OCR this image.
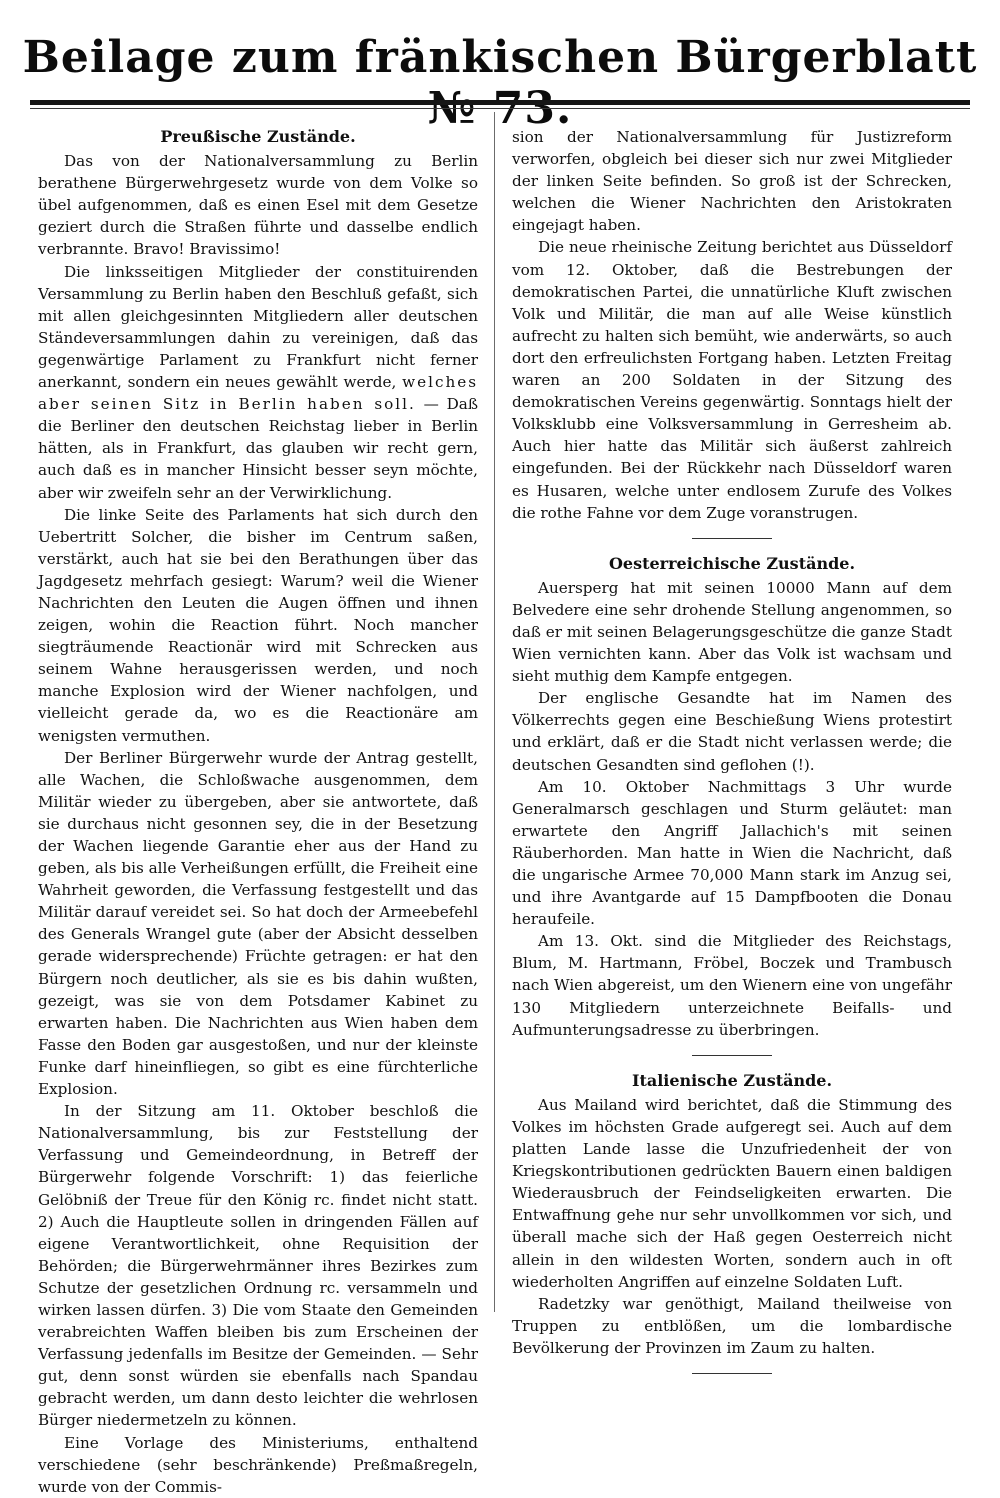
Beilage zum fränkischen Bürgerblatt
Preußische Zustände.

Das von der Nationalversammlung zu Berlin berathene Bürgerwehrgesetz wurde von dem Volke so übel aufgenommen, daß es einen Esel mit dem Gesetze geziert durch die Straßen führte und dasselbe endlich verbrannte. Bravo! Bravissimo!

Die linksseitigen Mitglieder der constituirenden Versammlung zu Berlin haben den Beschluß gefaßt, sich mit allen gleichgesinnten Mitgliedern aller deutschen Ständeversammlungen dahin zu vereinigen, daß das gegenwärtige Parlament zu Frankfurt nicht ferner anerkannt, sondern ein neues gewählt werde, welches aber seinen Sitz in Berlin haben soll. — Daß die Berliner den deutschen Reichstag lieber in Berlin hätten, als in Frankfurt, das glauben wir recht gern, auch daß es in mancher Hinsicht besser seyn möchte, aber wir zweifeln sehr an der Verwirklichung.

Die linke Seite des Parlaments hat sich durch den Uebertritt Solcher, die bisher im Centrum saßen, verstärkt, auch hat sie bei den Berathungen über das Jagdgesetz mehrfach gesiegt: Warum? weil die Wiener Nachrichten den Leuten die Augen öffnen und ihnen zeigen, wohin die Reaction führt. Noch mancher siegträumende Reactionär wird mit Schrecken aus seinem Wahne herausgerissen werden, und noch manche Explosion wird der Wiener nachfolgen, und vielleicht gerade da, wo es die Reactionäre am wenigsten vermuthen.

Der Berliner Bürgerwehr wurde der Antrag gestellt, alle Wachen, die Schloßwache ausgenommen, dem Militär wieder zu übergeben, aber sie antwortete, daß sie durchaus nicht gesonnen sey, die in der Besetzung der Wachen liegende Garantie eher aus der Hand zu geben, als bis alle Verheißungen erfüllt, die Freiheit eine Wahrheit geworden, die Verfassung festgestellt und das Militär darauf vereidet sei. So hat doch der Armeebefehl des Generals Wrangel gute (aber der Absicht desselben gerade widersprechende) Früchte getragen: er hat den Bürgern noch deutlicher, als sie es bis dahin wußten, gezeigt, was sie von dem Potsdamer Kabinet zu erwarten haben. Die Nachrichten aus Wien haben dem Fasse den Boden gar ausgestoßen, und nur der kleinste Funke darf hineinfliegen, so gibt es eine fürchterliche Explosion.

In der Sitzung am 11. Oktober beschloß die Nationalversammlung, bis zur Feststellung der Verfassung und Gemeindeordnung, in Betreff der Bürgerwehr folgende Vorschrift: 1) das feierliche Gelöbniß der Treue für den König rc. findet nicht statt. 2) Auch die Hauptleute sollen in dringenden Fällen auf eigene Verantwortlichkeit, ohne Requisition der Behörden; die Bürgerwehrmänner ihres Bezirkes zum Schutze der gesetzlichen Ordnung rc. versammeln und wirken lassen dürfen. 3) Die vom Staate den Gemeinden verabreichten Waffen bleiben bis zum Erscheinen der Verfassung jedenfalls im Besitze der Gemeinden. — Sehr gut, denn sonst würden sie ebenfalls nach Spandau gebracht werden, um dann desto leichter die wehrlosen Bürger niedermetzeln zu können.

Eine Vorlage des Ministeriums, enthaltend verschiedene (sehr beschränkende) Preßmaßregeln, wurde von der Commis-

sion der Nationalversammlung für Justizreform verworfen, obgleich bei dieser sich nur zwei Mitglieder der linken Seite befinden. So groß ist der Schrecken, welchen die Wiener Nachrichten den Aristokraten eingejagt haben.

Die neue rheinische Zeitung berichtet aus Düsseldorf vom 12. Oktober, daß die Bestrebungen der demokratischen Partei, die unnatürliche Kluft zwischen Volk und Militär, die man auf alle Weise künstlich aufrecht zu halten sich bemüht, wie anderwärts, so auch dort den erfreulichsten Fortgang haben. Letzten Freitag waren an 200 Soldaten in der Sitzung des demokratischen Vereins gegenwärtig. Sonntags hielt der Volksklubb eine Volksversammlung in Gerresheim ab. Auch hier hatte das Militär sich äußerst zahlreich eingefunden. Bei der Rückkehr nach Düsseldorf waren es Husaren, welche unter endlosem Zurufe des Volkes die rothe Fahne vor dem Zuge voranstrugen.

Oesterreichische Zustände.

Auersperg hat mit seinen 10000 Mann auf dem Belvedere eine sehr drohende Stellung angenommen, so daß er mit seinen Belagerungsgeschütze die ganze Stadt Wien vernichten kann. Aber das Volk ist wachsam und sieht muthig dem Kampfe entgegen.

Der englische Gesandte hat im Namen des Völkerrechts gegen eine Beschießung Wiens protestirt und erklärt, daß er die Stadt nicht verlassen werde; die deutschen Gesandten sind geflohen (!).

Am 10. Oktober Nachmittags 3 Uhr wurde Generalmarsch geschlagen und Sturm geläutet: man erwartete den Angriff Jallachich's mit seinen Räuberhorden. Man hatte in Wien die Nachricht, daß die ungarische Armee 70,000 Mann stark im Anzug sei, und ihre Avantgarde auf 15 Dampfbooten die Donau heraufeile.

Am 13. Okt. sind die Mitglieder des Reichstags, Blum, M. Hartmann, Fröbel, Boczek und Trambusch nach Wien abgereist, um den Wienern eine von ungefähr 130 Mitgliedern unterzeichnete Beifalls- und Aufmunterungsadresse zu überbringen.

Italienische Zustände.

Aus Mailand wird berichtet, daß die Stimmung des Volkes im höchsten Grade aufgeregt sei. Auch auf dem platten Lande lasse die Unzufriedenheit der von Kriegskontributionen gedrückten Bauern einen baldigen Wiederausbruch der Feindseligkeiten erwarten. Die Entwaffnung gehe nur sehr unvollkommen vor sich, und überall mache sich der Haß gegen Oesterreich nicht allein in den wildesten Worten, sondern auch in oft wiederholten Angriffen auf einzelne Soldaten Luft.

Radetzky war genöthigt, Mailand theilweise von Truppen zu entblößen, um die lombardische Bevölkerung der Provinzen im Zaum zu halten.
